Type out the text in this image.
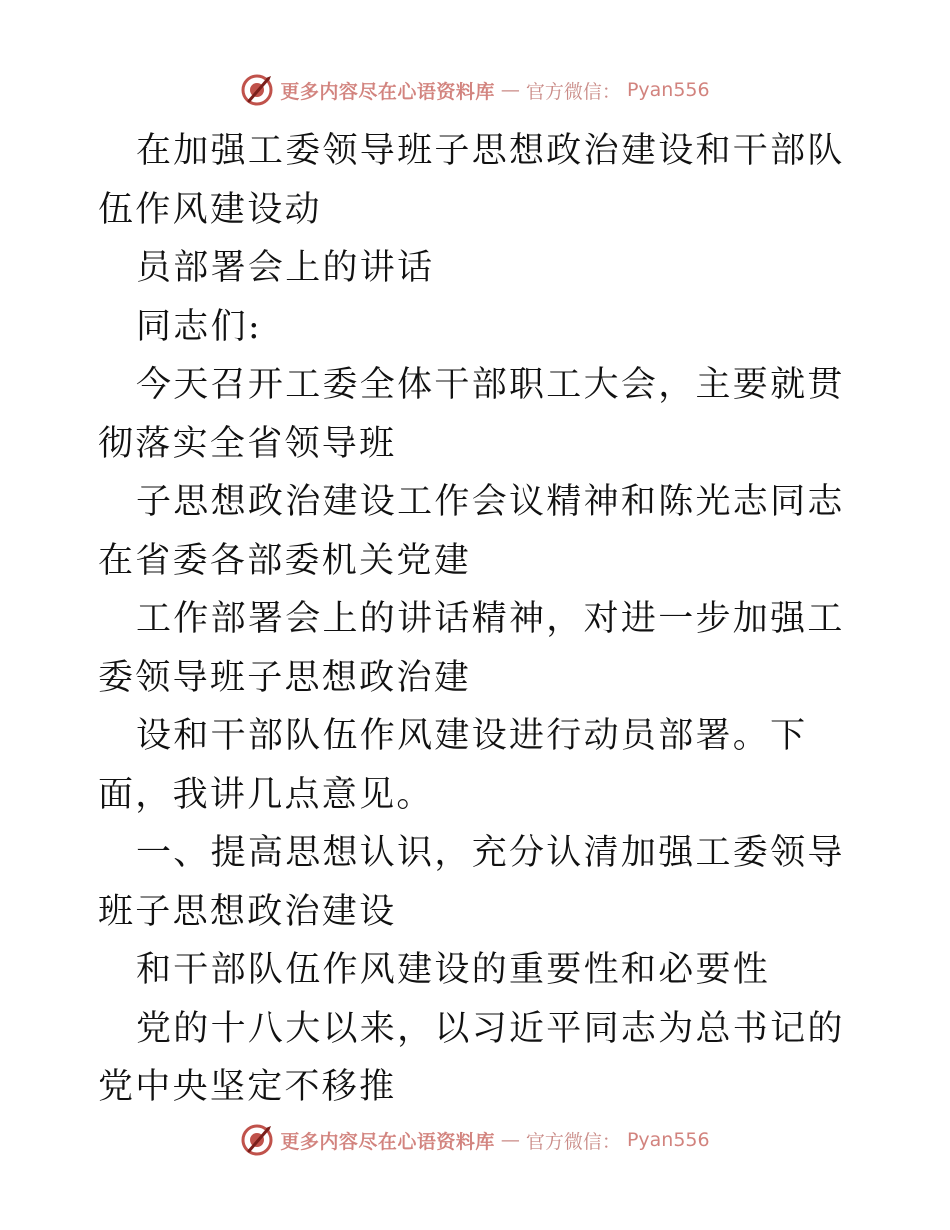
更多内容尽在心语资料库 — 官方微信： Pyan556

在加强工委领导班子思想政治建设和干部队伍作风建设动

员部署会上的讲话

同志们:

今天召开工委全体干部职工大会，主要就贯彻落实全省领导班

子思想政治建设工作会议精神和陈光志同志在省委各部委机关党建

工作部署会上的讲话精神，对进一步加强工委领导班子思想政治建

设和干部队伍作风建设进行动员部署。下面，我讲几点意见。

一、提高思想认识，充分认清加强工委领导班子思想政治建设

和干部队伍作风建设的重要性和必要性

党的十八大以来，以习近平同志为总书记的党中央坚定不移推

更多内容尽在心语资料库 — 官方微信： Pyan556
